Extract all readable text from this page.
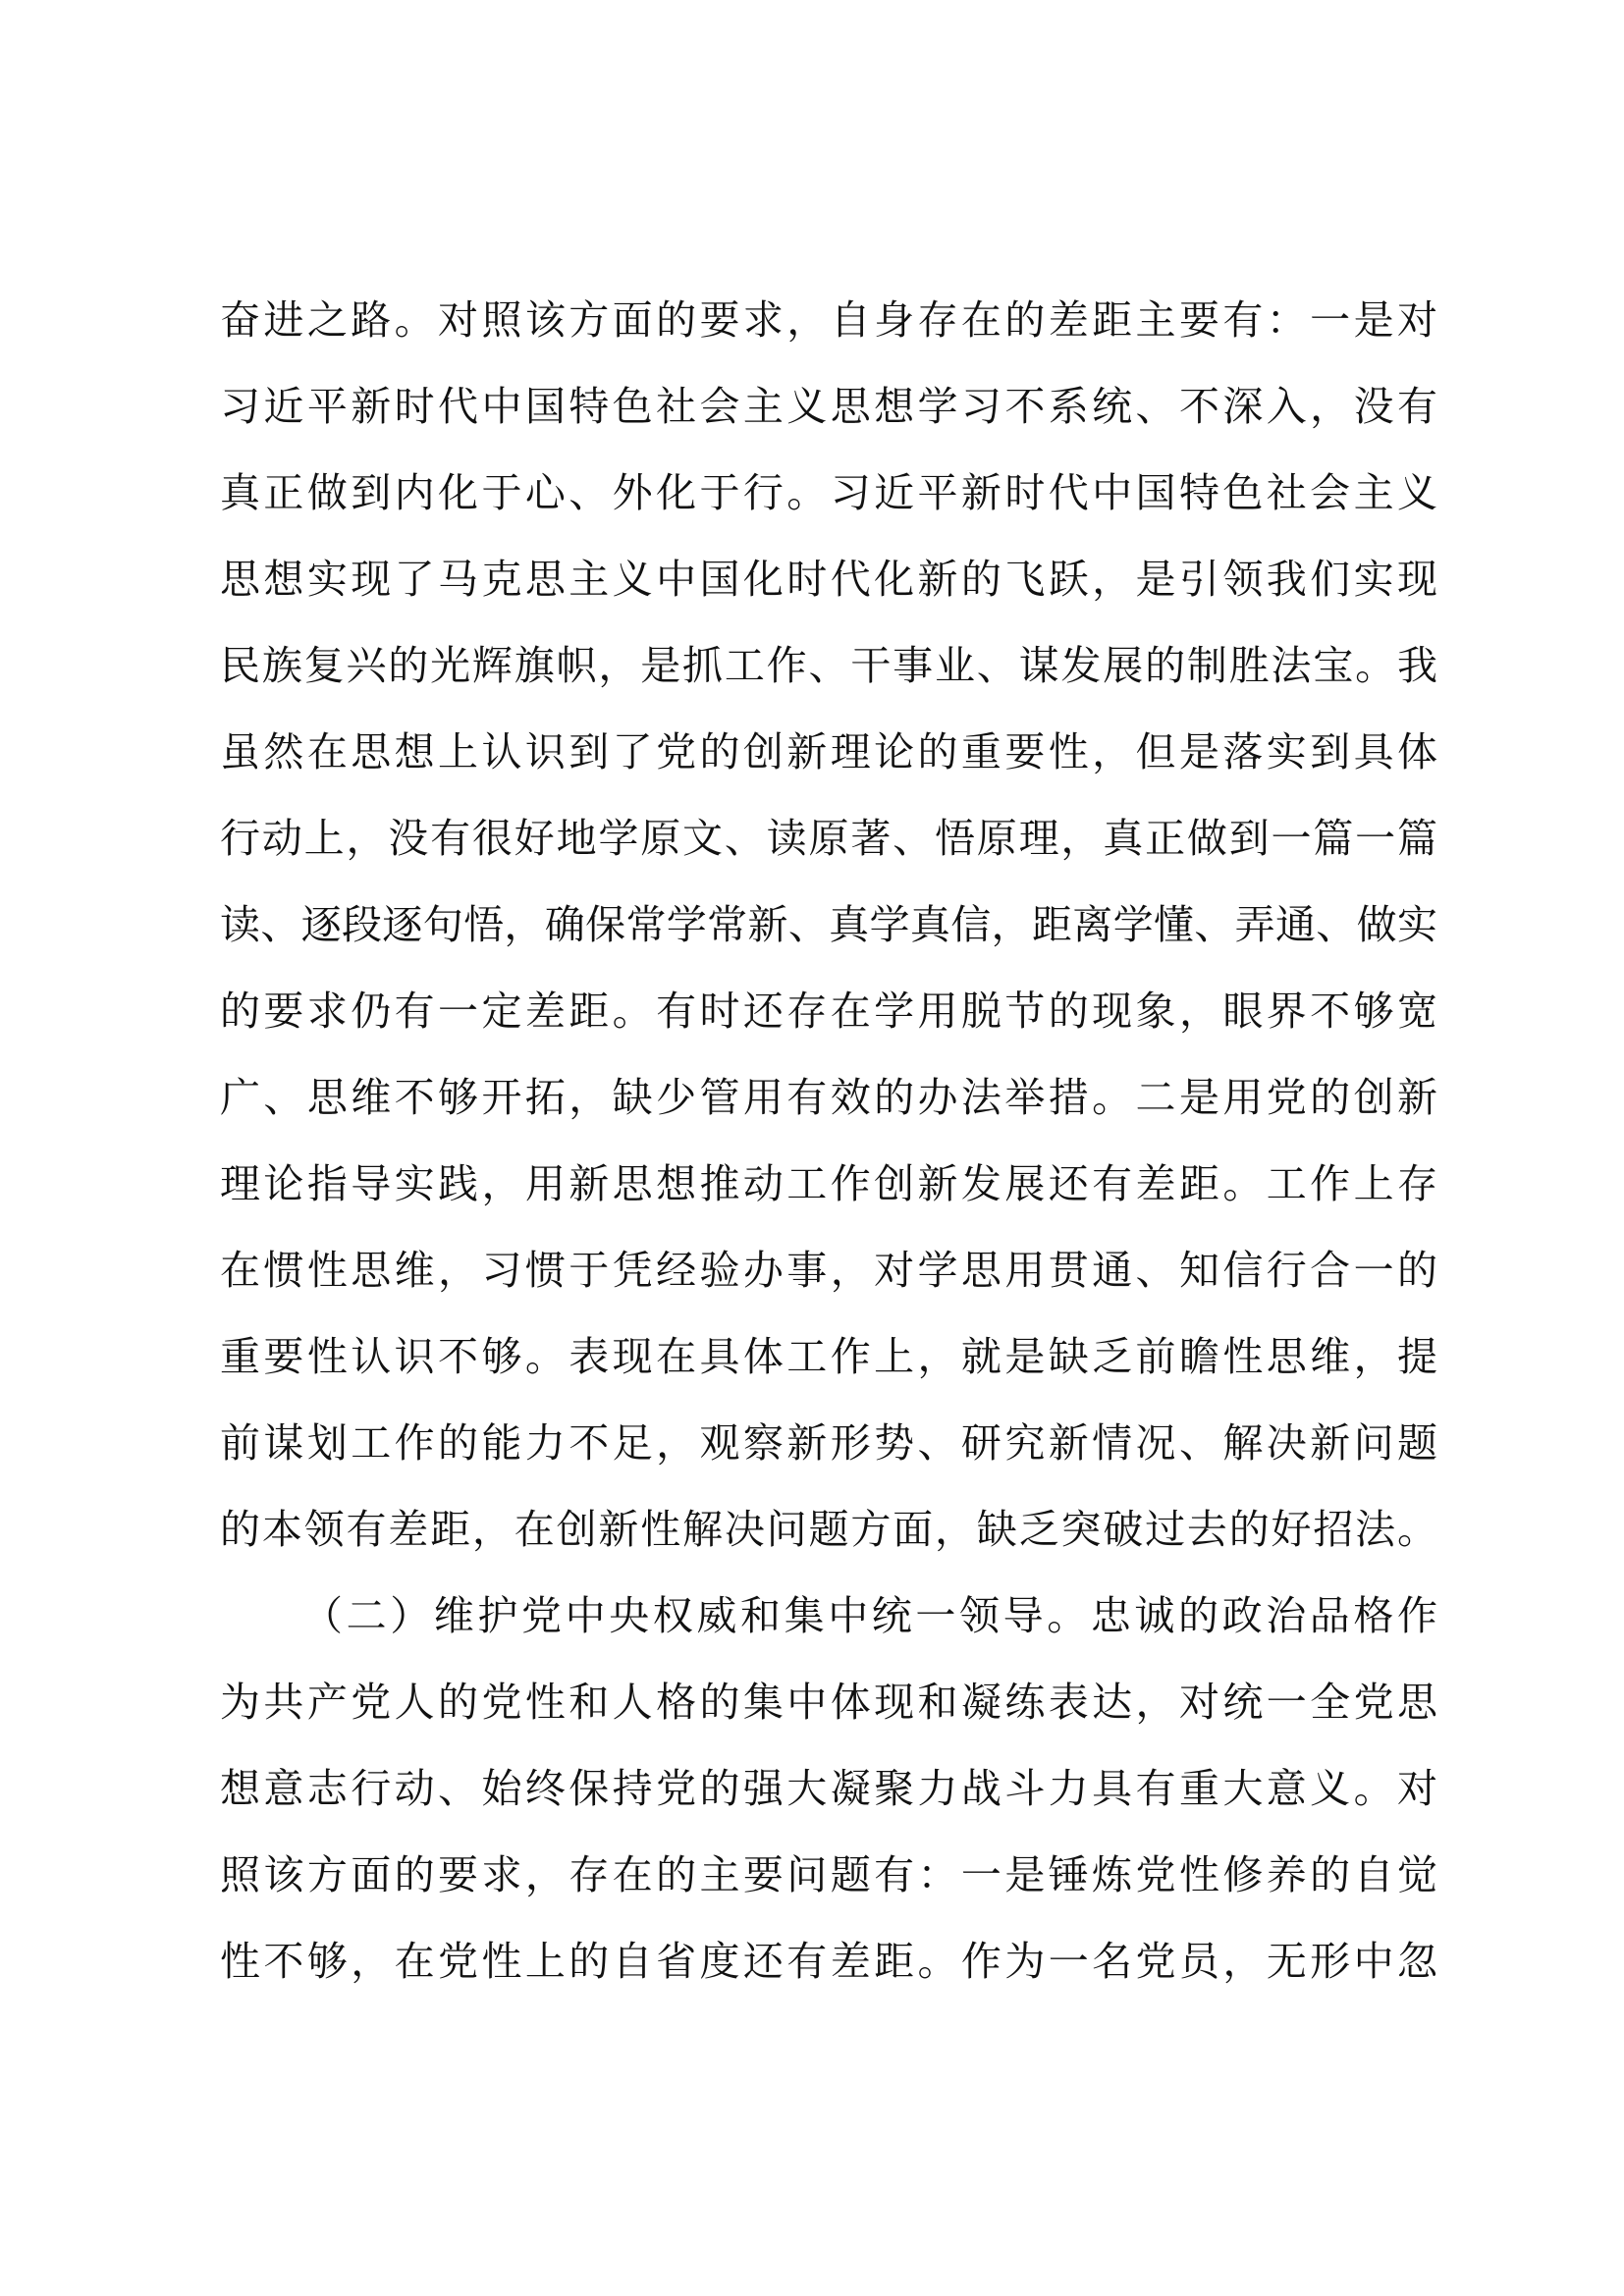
奋进之路。对照该方面的要求，自身存在的差距主要有：一是对
习近平新时代中国特色社会主义思想学习不系统、不深入，没有
真正做到内化于心、外化于行。习近平新时代中国特色社会主义
思想实现了马克思主义中国化时代化新的飞跃，是引领我们实现
民族复兴的光辉旗帜，是抓工作、干事业、谋发展的制胜法宝。我
虽然在思想上认识到了党的创新理论的重要性，但是落实到具体
行动上，没有很好地学原文、读原著、悟原理，真正做到一篇一篇
读、逐段逐句悟，确保常学常新、真学真信，距离学懂、弄通、做实
的要求仍有一定差距。有时还存在学用脱节的现象，眼界不够宽
广、思维不够开拓，缺少管用有效的办法举措。二是用党的创新
理论指导实践，用新思想推动工作创新发展还有差距。工作上存
在惯性思维，习惯于凭经验办事，对学思用贯通、知信行合一的
重要性认识不够。表现在具体工作上，就是缺乏前瞻性思维，提
前谋划工作的能力不足，观察新形势、研究新情况、解决新问题
的本领有差距，在创新性解决问题方面，缺乏突破过去的好招法。
（二）维护党中央权威和集中统一领导。忠诚的政治品格作
为共产党人的党性和人格的集中体现和凝练表达，对统一全党思
想意志行动、始终保持党的强大凝聚力战斗力具有重大意义。对
照该方面的要求，存在的主要问题有：一是锤炼党性修养的自觉
性不够，在党性上的自省度还有差距。作为一名党员，无形中忽
